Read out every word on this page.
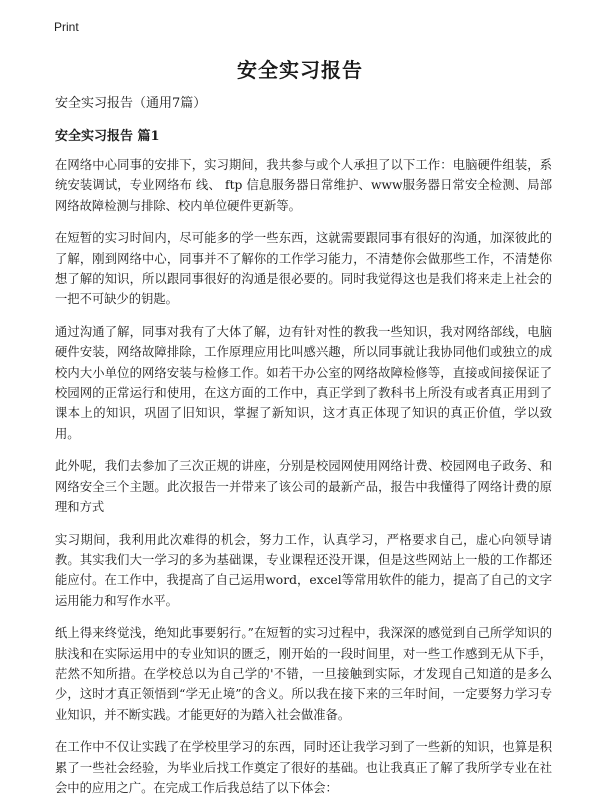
Print
安全实习报告
安全实习报告（通用7篇）
安全实习报告 篇1

在网络中心同事的安排下，实习期间，我共参与或个人承担了以下工作：电脑硬件组装，系统安装调试，专业网络布 线、 ftp 信息服务器日常维护、www服务器日常安全检测、局部网络故障检测与排除、校内单位硬件更新等。

在短暂的实习时间内，尽可能多的学一些东西，这就需要跟同事有很好的沟通，加深彼此的了解，刚到网络中心，同事并不了解你的工作学习能力，不清楚你会做那些工作，不清楚你想了解的知识，所以跟同事很好的沟通是很必要的。同时我觉得这也是我们将来走上社会的一把不可缺少的钥匙。

通过沟通了解，同事对我有了大体了解，边有针对性的教我一些知识，我对网络部线，电脑硬件安装，网络故障排除，工作原理应用比叫感兴趣，所以同事就让我协同他们或独立的成校内大小单位的网络安装与检修工作。如若干办公室的网络故障检修等，直接或间接保证了校园网的正常运行和使用，在这方面的工作中，真正学到了教科书上所没有或者真正用到了课本上的知识，巩固了旧知识，掌握了新知识，这才真正体现了知识的真正价值，学以致用。

此外呢，我们去参加了三次正规的讲座，分别是校园网使用网络计费、校园网电子政务、和网络安全三个主题。此次报告一并带来了该公司的最新产品，报告中我懂得了网络计费的原理和方式

实习期间，我利用此次难得的机会，努力工作，认真学习，严格要求自己，虚心向领导请教。其实我们大一学习的多为基础课，专业课程还没开课，但是这些网站上一般的工作都还能应付。在工作中，我提高了自己运用word，excel等常用软件的能力，提高了自己的文字运用能力和写作水平。

纸上得来终觉浅，绝知此事要躬行。”在短暂的实习过程中，我深深的感觉到自己所学知识的肤浅和在实际运用中的专业知识的匮乏，刚开始的一段时间里，对一些工作感到无从下手，茫然不知所措。在学校总以为自己学的'不错，一旦接触到实际，才发现自己知道的是多么少，这时才真正领悟到“学无止境”的含义。所以我在接下来的三年时间，一定要努力学习专业知识，并不断实践。才能更好的为踏入社会做准备。

在工作中不仅让实践了在学校里学习的东西，同时还让我学习到了一些新的知识，也算是积累了一些社会经验，为毕业后找工作奠定了很好的基础。也让我真正了解了我所学专业在社会中的应用之广。在完成工作后我总结了以下体会：
